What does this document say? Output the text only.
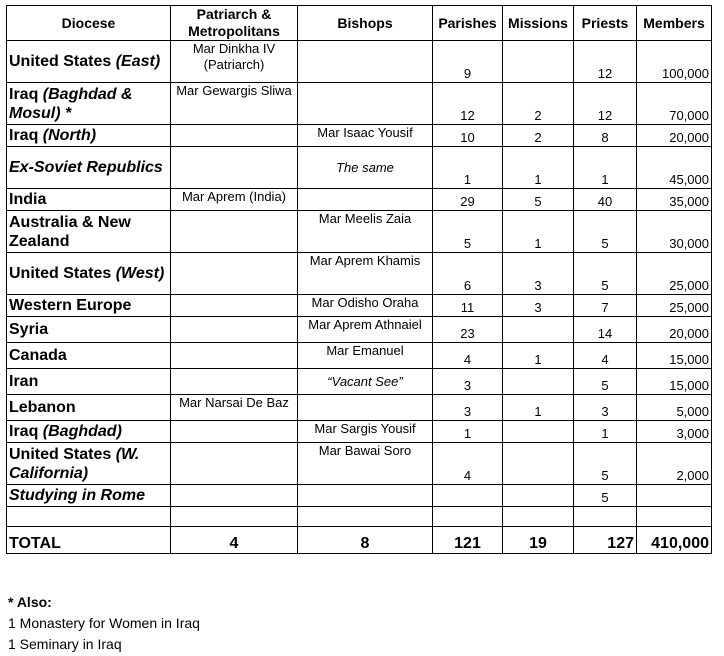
Diocese	Patriarch &
Metropolitans	Bishops	Parishes	Missions	Priests	Members
United States (East)	Mar Dinkha IV (Patriarch)		9		12	100,000
Iraq (Baghdad & Mosul) *	Mar Gewargis Sliwa		12	2	12	70,000
Iraq (North)		Mar Isaac Yousif	10	2	8	20,000
Ex-Soviet Republics		The same	1	1	1	45,000
India	Mar Aprem (India)		29	5	40	35,000
Australia & New Zealand		Mar Meelis Zaia	5	1	5	30,000
United States (West)		Mar Aprem Khamis	6	3	5	25,000
Western Europe		Mar Odisho Oraha	11	3	7	25,000
Syria		Mar Aprem Athnaiel	23		14	20,000
Canada		Mar Emanuel	4	1	4	15,000
Iran		“Vacant See”	3		5	15,000
Lebanon	Mar Narsai De Baz		3	1	3	5,000
Iraq (Baghdad)		Mar Sargis Yousif	1		1	3,000
United States (W. California)		Mar Bawai Soro	4		5	2,000
Studying in Rome					5	

TOTAL	4	8	121	19	127	410,000
* Also:
1 Monastery for Women in Iraq
1 Seminary in Iraq
